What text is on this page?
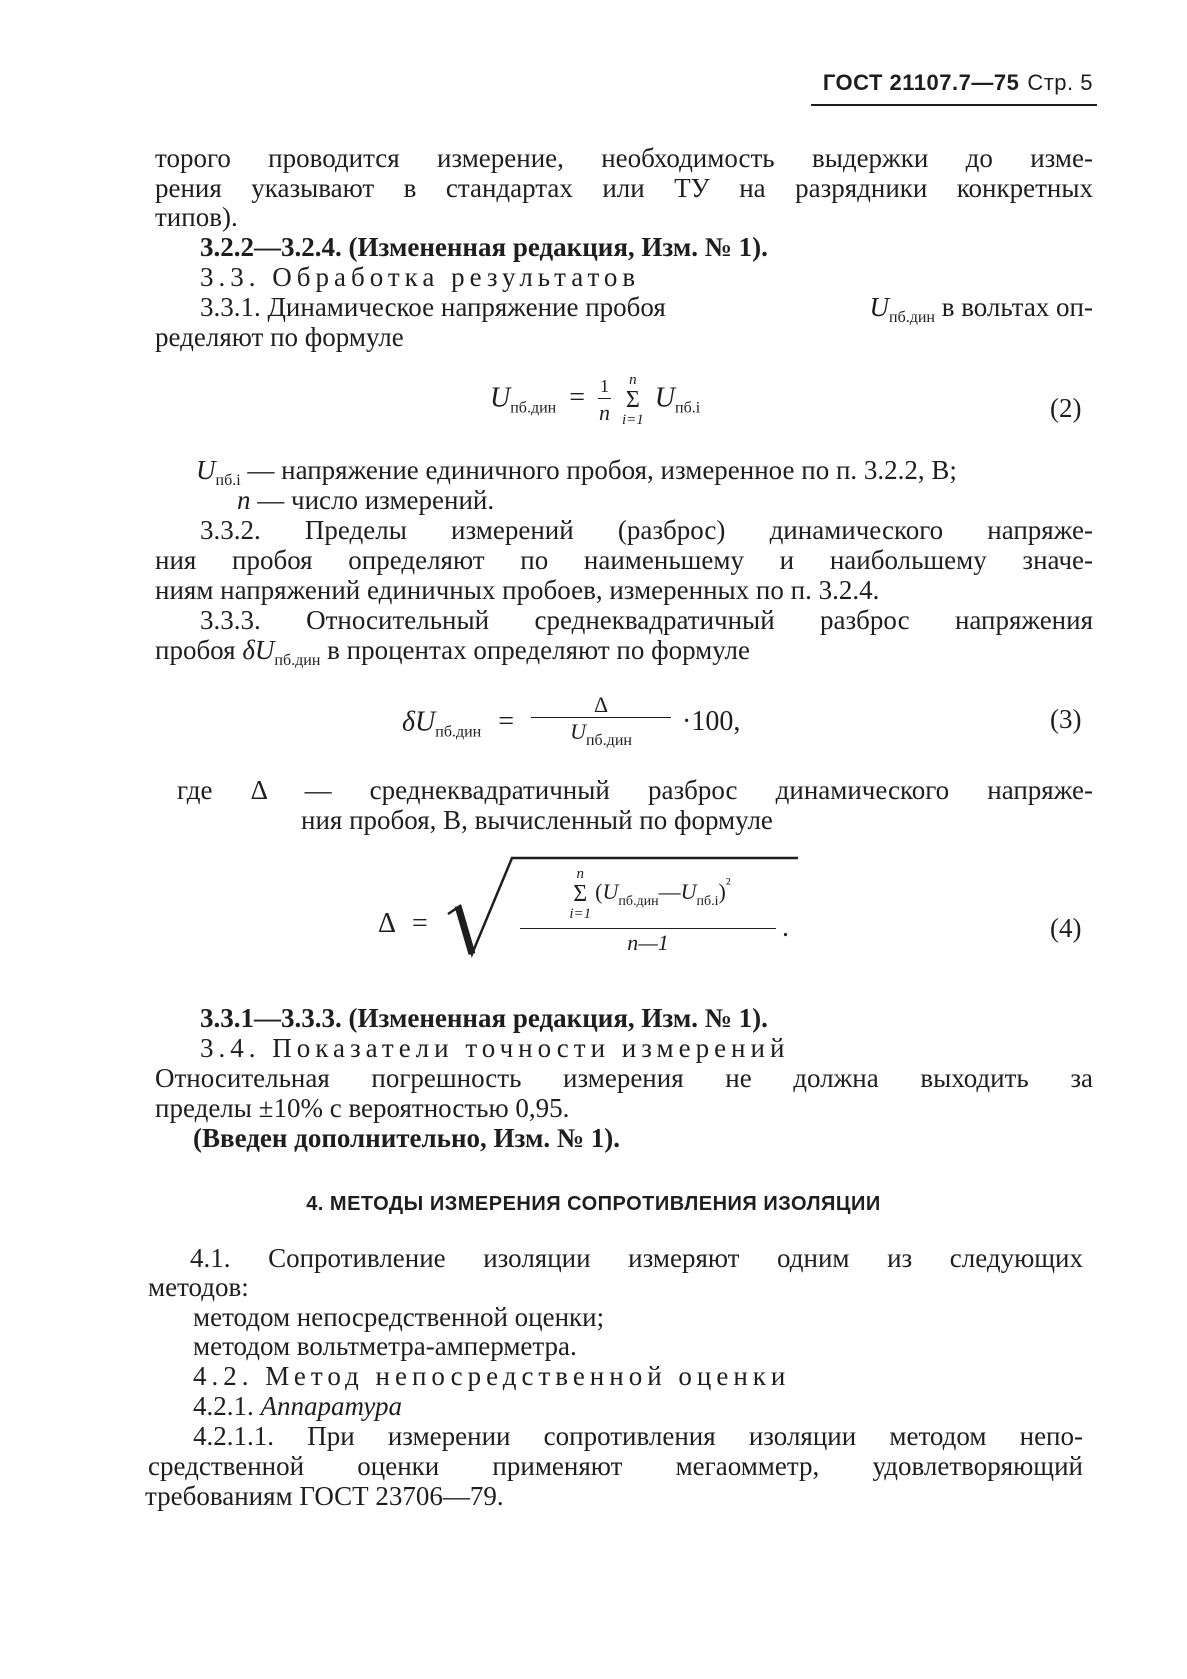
ГОСТ 21107.7—75 Стр. 5
торого проводится измерение, необходимость выдержки до изме-
рения указывают в стандартах или ТУ на разрядники конкретных
типов).
3.2.2—3.2.4. (Измененная редакция, Изм. № 1).
3.3. Обработка результатов
3.3.1. Динамическое напряжение пробоя	$U_{пб.дин}$ в вольтах оп-
ределяют по формуле
$U_{пб.дин} = \frac{1}{n}$
	n
Σ
i=1
$U_{пб.i}$	(2)
$U_{пб.i}$ — напряжение единичного пробоя, измеренное по п. 3.2.2, В;
n — число измерений.
3.3.2. Пределы измерений (разброс) динамического напряже-
ния пробоя определяют по наименьшему и наибольшему значе-
ниям напряжений единичных пробоев, измеренных по п. 3.2.4.
3.3.3. Относительный среднеквадратичный разброс напряжения
пробоя $\delta U_{пб.дин}$ в процентах определяют по формуле
$\delta U_{пб.дин} = \frac{\Delta}{U_{пб.дин}} \cdot 100$,	(3)
где Δ — среднеквадратичный разброс динамического напряже-
ния пробоя, В, вычисленный по формуле
Δ =
n
Σ
i=1
$(U_{пб.дин}—U_{пб.i})^{^2}$
n—1	.	(4)
3.3.1—3.3.3. (Измененная редакция, Изм. № 1).
3.4. Показатели точности измерений
Относительная погрешность измерения не должна выходить за
пределы ±10% с вероятностью 0,95.
(Введен дополнительно, Изм. № 1).
4. МЕТОДЫ ИЗМЕРЕНИЯ СОПРОТИВЛЕНИЯ ИЗОЛЯЦИИ
4.1. Сопротивление изоляции измеряют одним из следующих
методов:
методом непосредственной оценки;
методом вольтметра-амперметра.
4.2. Метод непосредственной оценки
4.2.1. Аппаратура
4.2.1.1. При измерении сопротивления изоляции методом непо-
средственной оценки применяют мегаомметр, удовлетворяющий
требованиям ГОСТ 23706—79.
